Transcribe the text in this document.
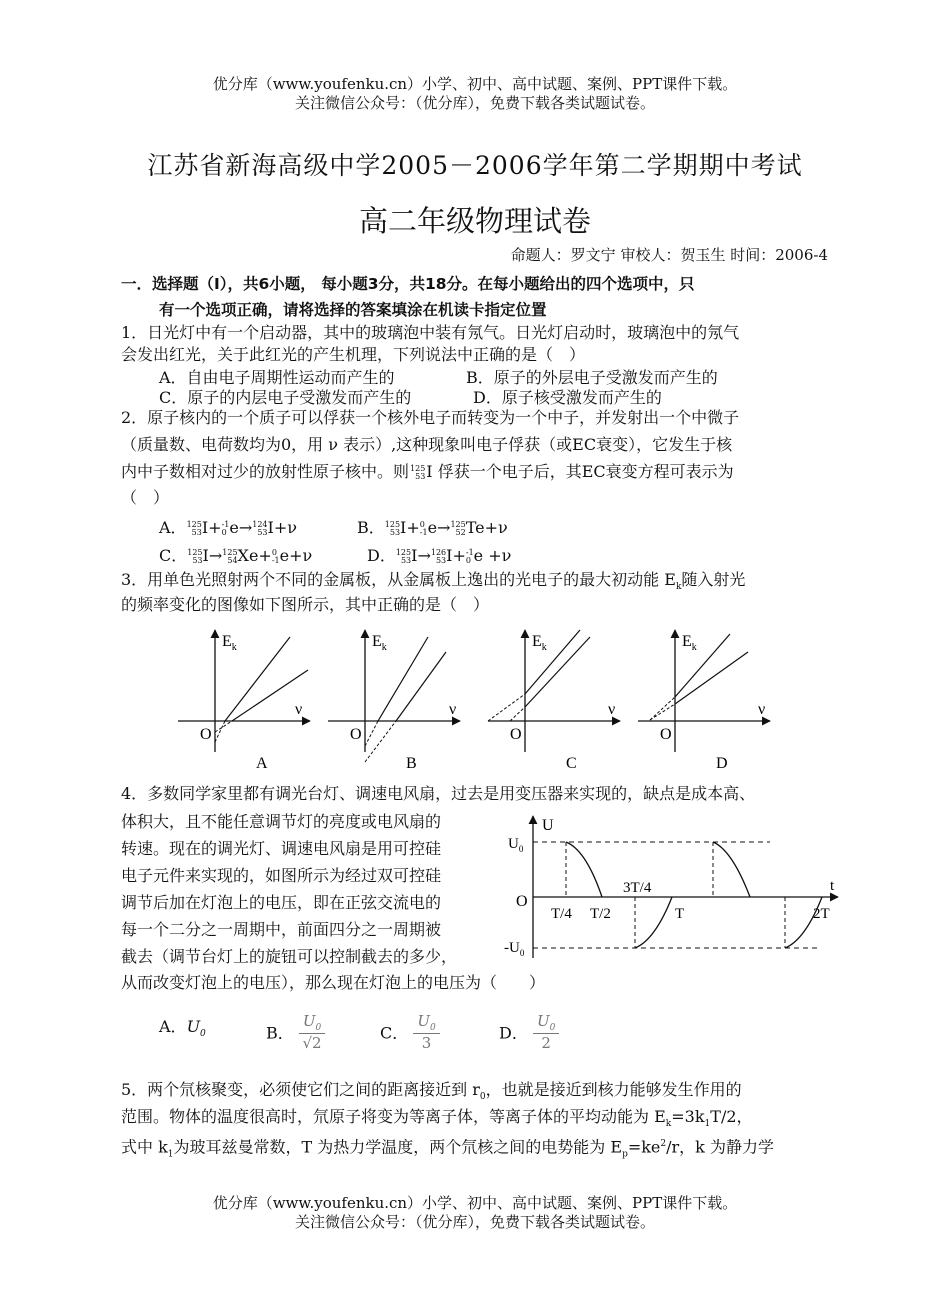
优分库（www.youfenku.cn）小学、初中、高中试题、案例、PPT课件下载。
关注微信公众号：（优分库），免费下载各类试题试卷。
江苏省新海高级中学2005－2006学年第二学期期中考试
高二年级物理试卷
命题人：罗文宁 审校人：贺玉生 时间：2006-4
一．选择题（Ⅰ），共6小题， 每小题3分，共18分。在每小题给出的四个选项中，只
有一个选项正确，请将选择的答案填涂在机读卡指定位置
1．日光灯中有一个启动器，其中的玻璃泡中装有氖气。日光灯启动时，玻璃泡中的氖气
会发出红光，关于此红光的产生机理，下列说法中正确的是（　）
A．自由电子周期性运动而产生的	B．原子的外层电子受激发而产生的
C．原子的内层电子受激发而产生的	D．原子核受激发而产生的
2．原子核内的一个质子可以俘获一个核外电子而转变为一个中子，并发射出一个中微子
（质量数、电荷数均为0，用 ν 表示）,这种现象叫电子俘获（或EC衰变），它发生于核
内中子数相对过少的放射性原子核中。则125
53I 俘获一个电子后，其EC衰变方程可表示为
（　）
A．125
53I+-1
0 e→124
53I+ν	B．125
53I+0
-1e→125
52Te+ν
C．125
53I→125
54Xe+0
-1e+ν	D．125
53I→126
53I+-1
0 e +ν
3．用单色光照射两个不同的金属板，从金属板上逸出的光电子的最大初动能 $E_k$随入射光
的频率变化的图像如下图所示，其中正确的是（　）
$E_k$
ν
O
A
$E_k$
ν
O
B
$E_k$
ν
O
C
$E_k$
ν
O
D
4．多数同学家里都有调光台灯、调速电风扇，过去是用变压器来实现的，缺点是成本高、
体积大，且不能任意调节灯的亮度或电风扇的
转速。现在的调光灯、调速电风扇是用可控硅
电子元件来实现的，如图所示为经过双可控硅
调节后加在灯泡上的电压，即在正弦交流电的
每一个二分之一周期中，前面四分之一周期被
截去（调节台灯上的旋钮可以控制截去的多少，
从而改变灯泡上的电压），那么现在灯泡上的电压为（　　）
U
$U_0$
$-U_0$
t
O
T/4 T/2
3T/4
T	2T
A．$U_0$	B． $\frac{U_0}{√2}$	C． $\frac{U_0}{3}$	D． $\frac{U_0}{2}$
5．两个氘核聚变，必须使它们之间的距离接近到 $r_0$，也就是接近到核力能够发生作用的
范围。物体的温度很高时，氘原子将变为等离子体，等离子体的平均动能为 $E_k=3k_1T/2$，
式中 $k_1$为玻耳兹曼常数，T 为热力学温度，两个氘核之间的电势能为 $E_p=ke^2/r$，k 为静力学
优分库（www.youfenku.cn）小学、初中、高中试题、案例、PPT课件下载。
关注微信公众号：（优分库），免费下载各类试题试卷。
